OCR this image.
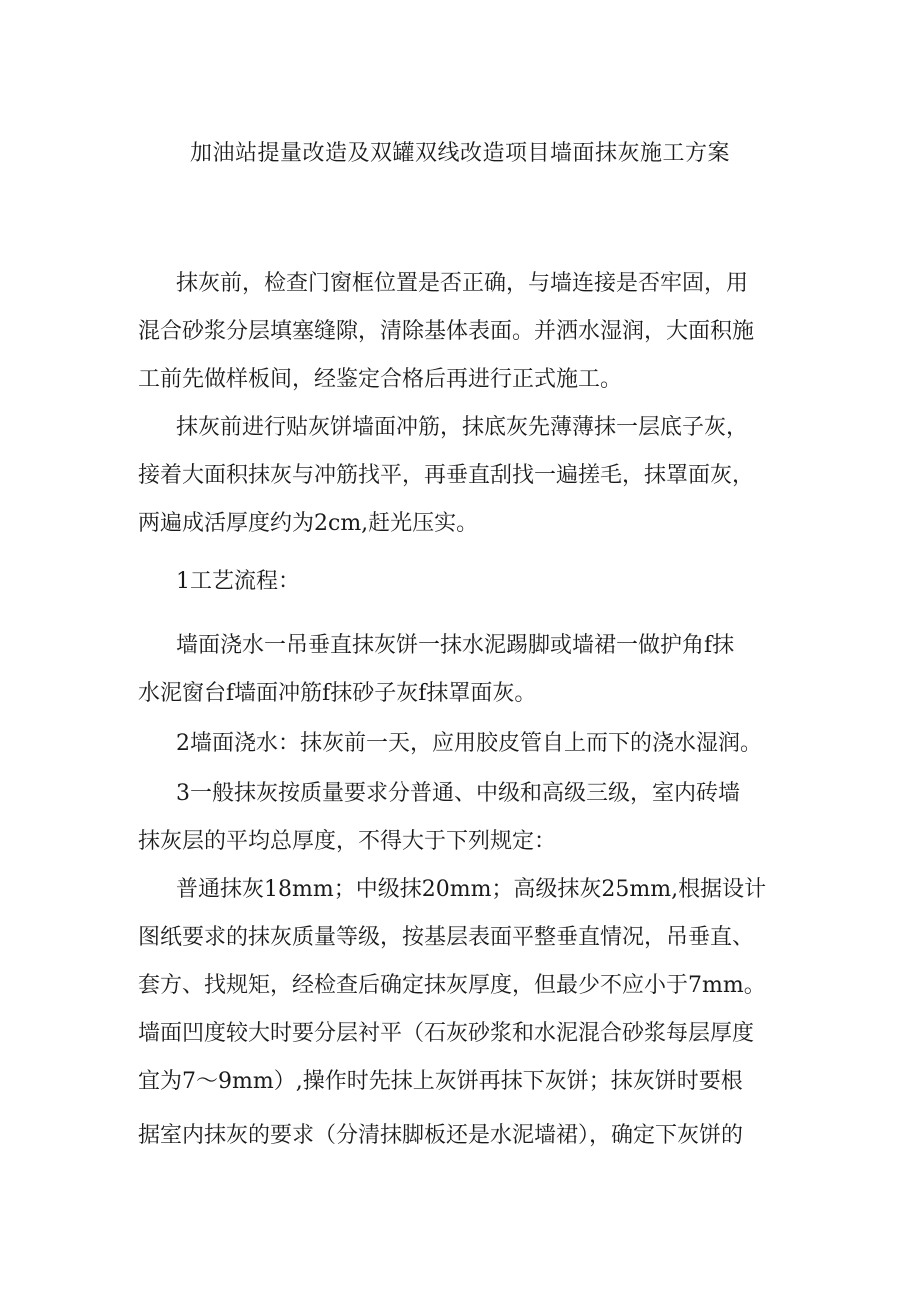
加油站提量改造及双罐双线改造项目墙面抹灰施工方案
抹灰前，检查门窗框位置是否正确，与墙连接是否牢固，用
混合砂浆分层填塞缝隙，清除基体表面。并洒水湿润，大面积施
工前先做样板间，经鉴定合格后再进行正式施工。
抹灰前进行贴灰饼墙面冲筋，抹底灰先薄薄抹一层底子灰，
接着大面积抹灰与冲筋找平，再垂直刮找一遍搓毛，抹罩面灰，
两遍成活厚度约为2cm,赶光压实。
1工艺流程：
墙面浇水一吊垂直抹灰饼一抹水泥踢脚或墙裙一做护角f抹
水泥窗台f墙面冲筋f抹砂子灰f抹罩面灰。
2墙面浇水：抹灰前一天，应用胶皮管自上而下的浇水湿润。
3一般抹灰按质量要求分普通、中级和高级三级，室内砖墙
抹灰层的平均总厚度，不得大于下列规定：
普通抹灰18mm；中级抹20mm；高级抹灰25mm,根据设计
图纸要求的抹灰质量等级，按基层表面平整垂直情况，吊垂直、
套方、找规矩，经检查后确定抹灰厚度，但最少不应小于7mm。
墙面凹度较大时要分层衬平（石灰砂浆和水泥混合砂浆每层厚度
宜为7～9mm）,操作时先抹上灰饼再抹下灰饼；抹灰饼时要根
据室内抹灰的要求（分清抹脚板还是水泥墙裙），确定下灰饼的
